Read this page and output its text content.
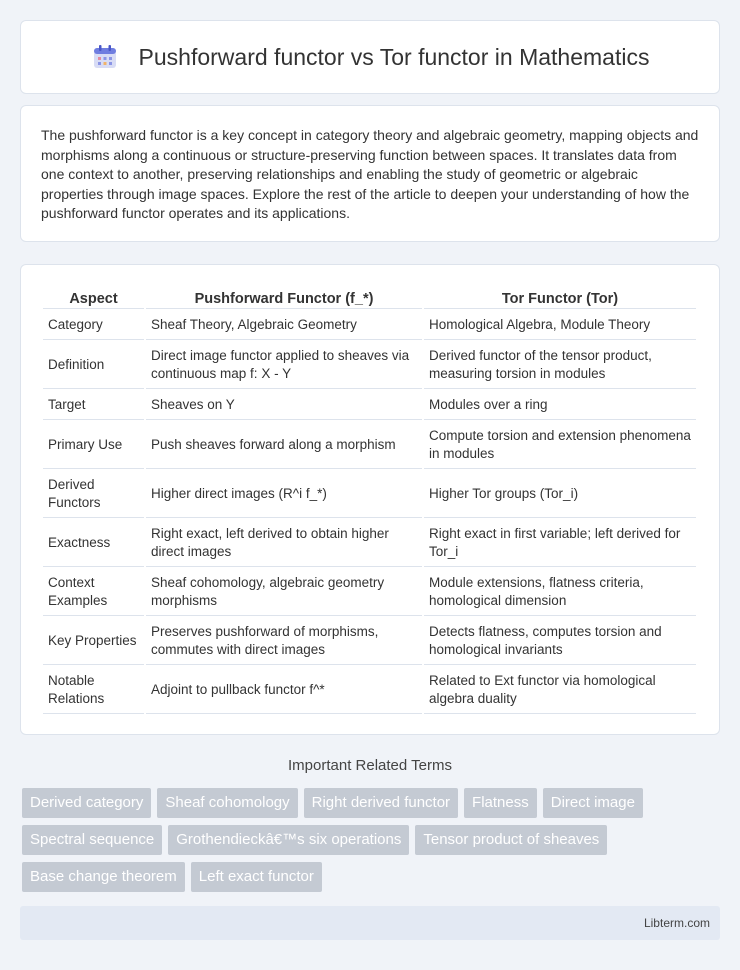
Pushforward functor vs Tor functor in Mathematics

The pushforward functor is a key concept in category theory and algebraic geometry, mapping objects and morphisms along a continuous or structure-preserving function between spaces. It translates data from one context to another, preserving relationships and enabling the study of geometric or algebraic properties through image spaces. Explore the rest of the article to deepen your understanding of how the pushforward functor operates and its applications.

Aspect	Pushforward Functor (f_*)	Tor Functor (Tor)
Category	Sheaf Theory, Algebraic Geometry	Homological Algebra, Module Theory
Definition	Direct image functor applied to sheaves via continuous map f: X - Y	Derived functor of the tensor product, measuring torsion in modules
Target	Sheaves on Y	Modules over a ring
Primary Use	Push sheaves forward along a morphism	Compute torsion and extension phenomena in modules
Derived Functors	Higher direct images (R^i f_*)	Higher Tor groups (Tor_i)
Exactness	Right exact, left derived to obtain higher direct images	Right exact in first variable; left derived for Tor_i
Context Examples	Sheaf cohomology, algebraic geometry morphisms	Module extensions, flatness criteria, homological dimension
Key Properties	Preserves pushforward of morphisms, commutes with direct images	Detects flatness, computes torsion and homological invariants
Notable Relations	Adjoint to pullback functor f^*	Related to Ext functor via homological algebra duality
Important Related Terms
Derived category	Sheaf cohomology	Right derived functor	Flatness	Direct image
Spectral sequence	Grothendieckâ€™s six operations	Tensor product of sheaves
Base change theorem	Left exact functor
Libterm.com
